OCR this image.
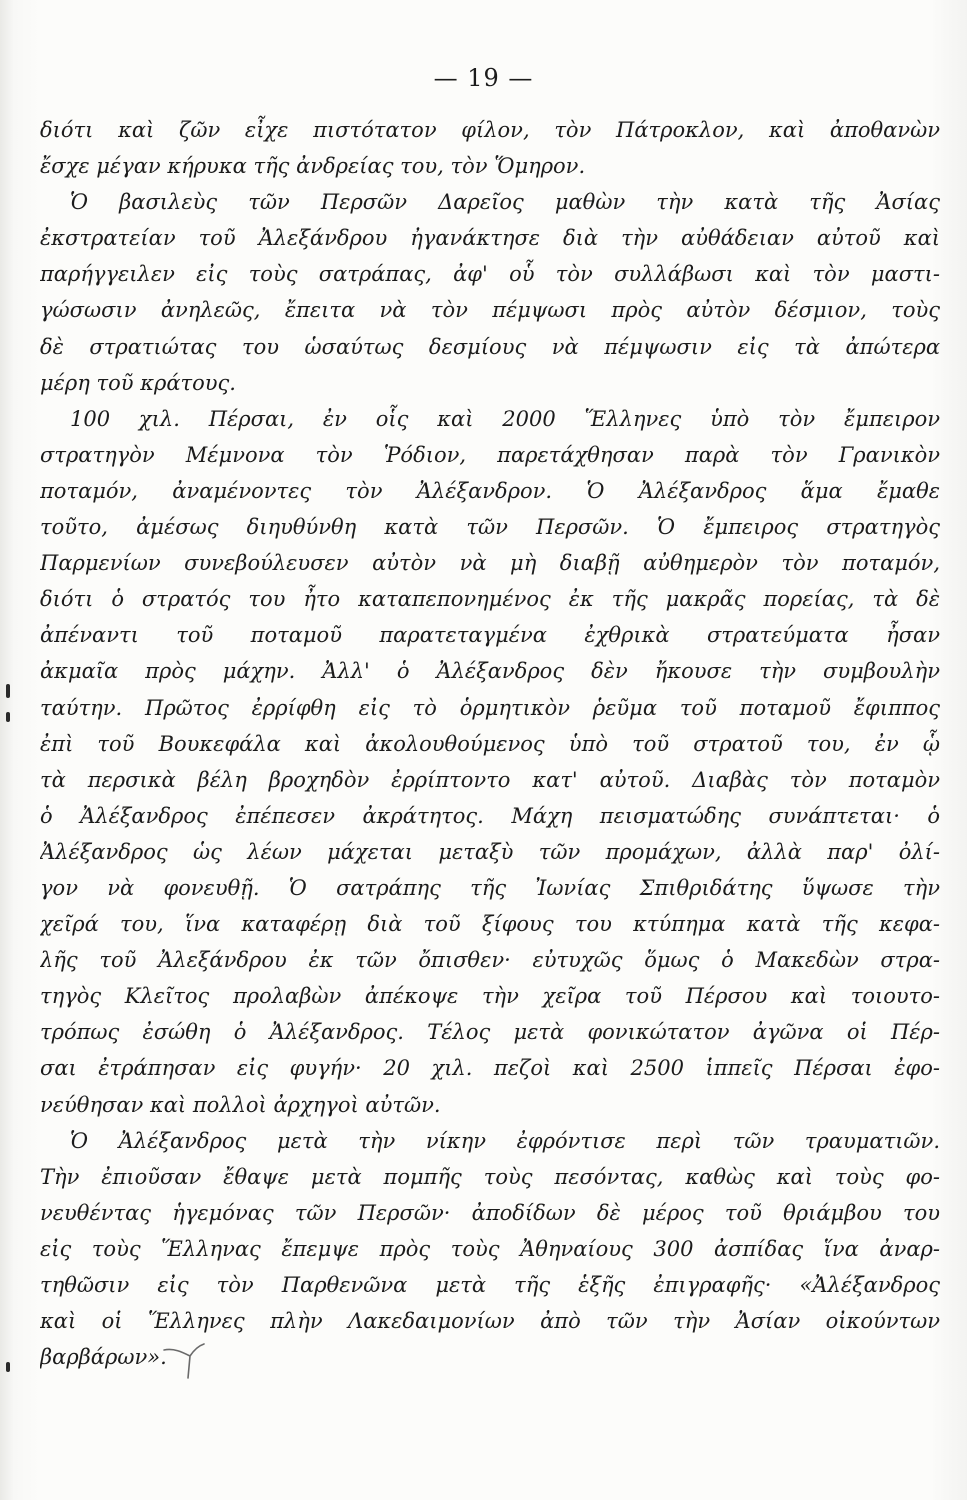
— 19 —
διότι καὶ ζῶν εἶχε πιστότατον φίλον, τὸν Πάτροκλον, καὶ ἀποθανὼν
ἔσχε μέγαν κήρυκα τῆς ἀνδρείας του, τὸν Ὅμηρον.
Ὁ βασιλεὺς τῶν Περσῶν Δαρεῖος μαθὼν τὴν κατὰ τῆς Ἀσίας
ἐκστρατείαν τοῦ Ἀλεξάνδρου ἠγανάκτησε διὰ τὴν αὐθάδειαν αὐτοῦ καὶ
παρήγγειλεν εἰς τοὺς σατράπας, ἀφ' οὗ τὸν συλλάβωσι καὶ τὸν μαστι-
γώσωσιν ἀνηλεῶς, ἔπειτα νὰ τὸν πέμψωσι πρὸς αὐτὸν δέσμιον, τοὺς
δὲ στρατιώτας του ὡσαύτως δεσμίους νὰ πέμψωσιν εἰς τὰ ἀπώτερα
μέρη τοῦ κράτους.
100 χιλ. Πέρσαι, ἐν οἷς καὶ 2000 Ἕλληνες ὑπὸ τὸν ἔμπειρον
στρατηγὸν Μέμνονα τὸν Ῥόδιον, παρετάχθησαν παρὰ τὸν Γρανικὸν
ποταμόν, ἀναμένοντες τὸν Ἀλέξανδρον. Ὁ Ἀλέξανδρος ἅμα ἔμαθε
τοῦτο, ἀμέσως διηυθύνθη κατὰ τῶν Περσῶν. Ὁ ἔμπειρος στρατηγὸς
Παρμενίων συνεβούλευσεν αὐτὸν νὰ μὴ διαβῇ αὐθημερὸν τὸν ποταμόν,
διότι ὁ στρατός του ἦτο καταπεπονημένος ἐκ τῆς μακρᾶς πορείας, τὰ δὲ
ἀπέναντι τοῦ ποταμοῦ παρατεταγμένα ἐχθρικὰ στρατεύματα ἦσαν
ἀκμαῖα πρὸς μάχην. Ἀλλ' ὁ Ἀλέξανδρος δὲν ἤκουσε τὴν συμβουλὴν
ταύτην. Πρῶτος ἐρρίφθη εἰς τὸ ὁρμητικὸν ῥεῦμα τοῦ ποταμοῦ ἔφιππος
ἐπὶ τοῦ Βουκεφάλα καὶ ἀκολουθούμενος ὑπὸ τοῦ στρατοῦ του, ἐν ᾧ
τὰ περσικὰ βέλη βροχηδὸν ἐρρίπτοντο κατ' αὐτοῦ. Διαβὰς τὸν ποταμὸν
ὁ Ἀλέξανδρος ἐπέπεσεν ἀκράτητος. Μάχη πεισματώδης συνάπτεται· ὁ
Ἀλέξανδρος ὡς λέων μάχεται μεταξὺ τῶν προμάχων, ἀλλὰ παρ' ὀλί-
γον νὰ φονευθῇ. Ὁ σατράπης τῆς Ἰωνίας Σπιθριδάτης ὕψωσε τὴν
χεῖρά του, ἵνα καταφέρῃ διὰ τοῦ ξίφους του κτύπημα κατὰ τῆς κεφα-
λῆς τοῦ Ἀλεξάνδρου ἐκ τῶν ὄπισθεν· εὐτυχῶς ὅμως ὁ Μακεδὼν στρα-
τηγὸς Κλεῖτος προλαβὼν ἀπέκοψε τὴν χεῖρα τοῦ Πέρσου καὶ τοιουτο-
τρόπως ἐσώθη ὁ Ἀλέξανδρος. Τέλος μετὰ φονικώτατον ἀγῶνα οἱ Πέρ-
σαι ἐτράπησαν εἰς φυγήν· 20 χιλ. πεζοὶ καὶ 2500 ἱππεῖς Πέρσαι ἐφο-
νεύθησαν καὶ πολλοὶ ἀρχηγοὶ αὐτῶν.
Ὁ Ἀλέξανδρος μετὰ τὴν νίκην ἐφρόντισε περὶ τῶν τραυματιῶν.
Τὴν ἐπιοῦσαν ἔθαψε μετὰ πομπῆς τοὺς πεσόντας, καθὼς καὶ τοὺς φο-
νευθέντας ἡγεμόνας τῶν Περσῶν· ἀποδίδων δὲ μέρος τοῦ θριάμβου του
εἰς τοὺς Ἕλληνας ἔπεμψε πρὸς τοὺς Ἀθηναίους 300 ἀσπίδας ἵνα ἀναρ-
τηθῶσιν εἰς τὸν Παρθενῶνα μετὰ τῆς ἑξῆς ἐπιγραφῆς· «Ἀλέξανδρος
καὶ οἱ Ἕλληνες πλὴν Λακεδαιμονίων ἀπὸ τῶν τὴν Ἀσίαν οἰκούντων
βαρβάρων».
